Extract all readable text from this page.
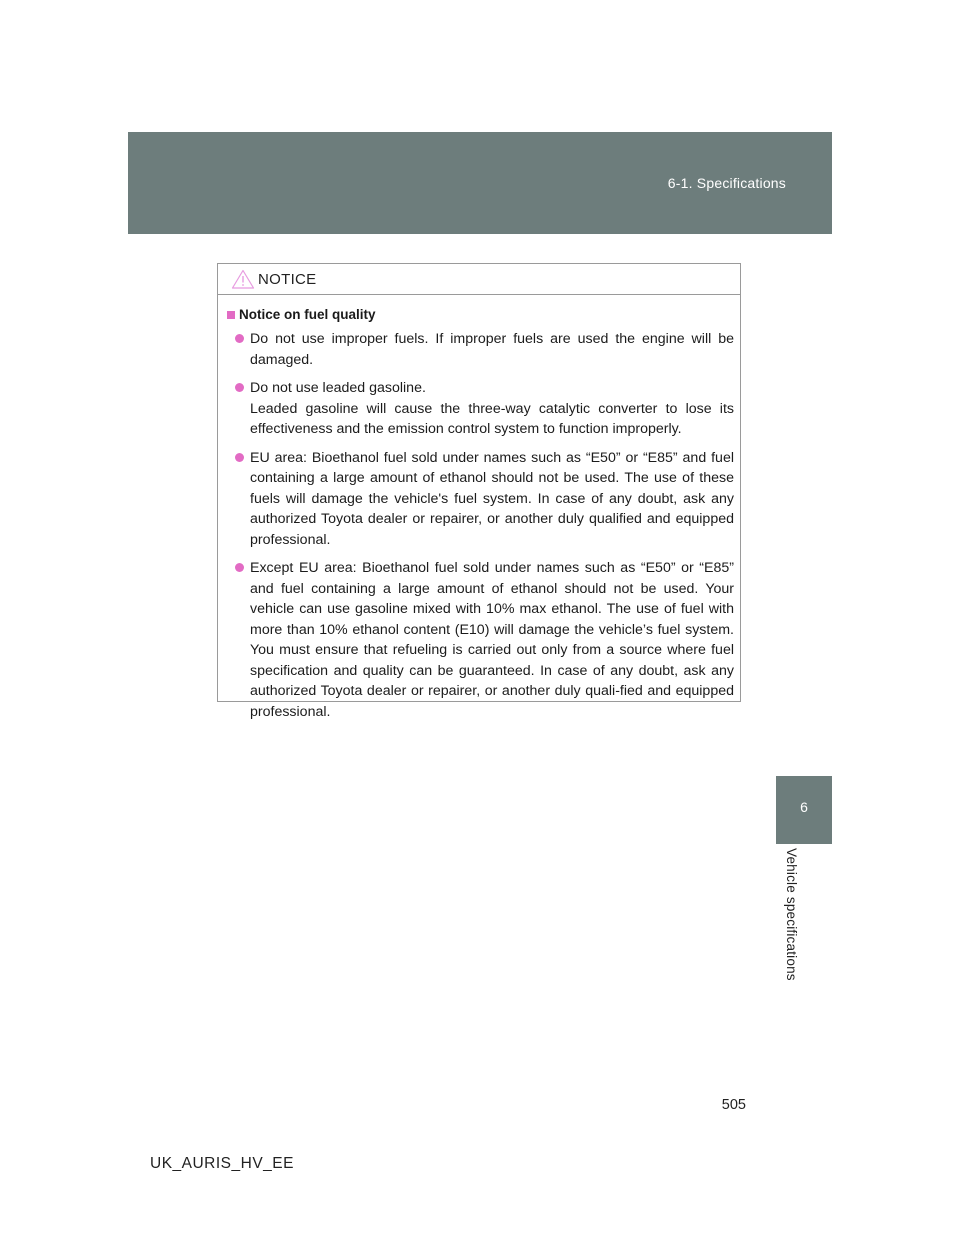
6-1. Specifications
6
Vehicle specifications
NOTICE
Notice on fuel quality

Do not use improper fuels. If improper fuels are used the engine will be damaged.

Do not use leaded gasoline.

Leaded gasoline will cause the three-way catalytic converter to lose its effectiveness and the emission control system to function improperly.

EU area: Bioethanol fuel sold under names such as “E50” or “E85” and fuel containing a large amount of ethanol should not be used. The use of these fuels will damage the vehicle's fuel system. In case of any doubt, ask any authorized Toyota dealer or repairer, or another duly qualified and equipped professional.

Except EU area: Bioethanol fuel sold under names such as “E50” or “E85” and fuel containing a large amount of ethanol should not be used. Your vehicle can use gasoline mixed with 10% max ethanol. The use of fuel with more than 10% ethanol content (E10) will damage the vehicle’s fuel system. You must ensure that refueling is carried out only from a source where fuel specification and quality can be guaranteed. In case of any doubt, ask any authorized Toyota dealer or repairer, or another duly quali-fied and equipped professional.

505
UK_AURIS_HV_EE
